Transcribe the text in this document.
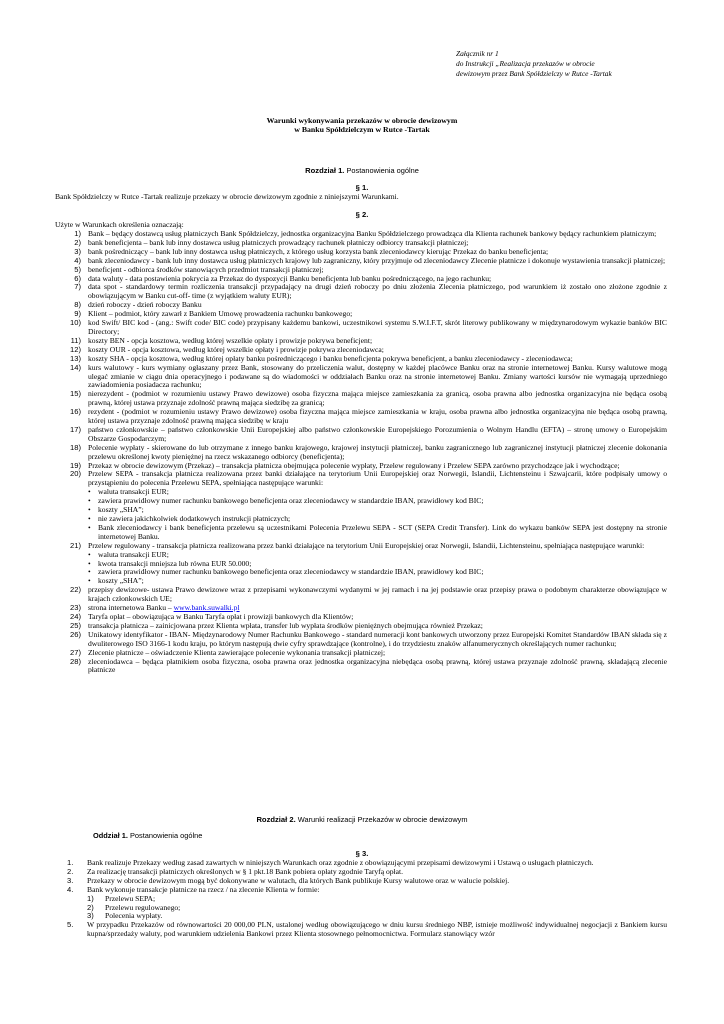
Załącznik nr 1
do Instrukcji „Realizacja przekazów w obrocie
dewizowym przez Bank Spółdzielczy w Rutce -Tartak
Warunki wykonywania przekazów w obrocie dewizowym
w Banku Spółdzielczym w Rutce -Tartak
Rozdział 1. Postanowienia ogólne
§ 1.
Bank Spółdzielczy w Rutce -Tartak realizuje przekazy w obrocie dewizowym zgodnie z niniejszymi Warunkami.
§ 2.
Użyte w Warunkach określenia oznaczają:
1) Bank – będący dostawcą usług płatniczych Bank Spółdzielczy, jednostka organizacyjna Banku Spółdzielczego prowadząca dla Klienta rachunek bankowy będący rachunkiem płatniczym;
2) bank beneficjenta – bank lub inny dostawca usług płatniczych prowadzący rachunek płatniczy odbiorcy transakcji płatniczej;
3) bank pośredniczący – bank lub inny dostawca usług płatniczych, z którego usług korzysta bank zleceniodawcy kierując Przekaz do banku beneficjenta;
4) bank zleceniodawcy - bank lub inny dostawca usług płatniczych krajowy lub zagraniczny, który przyjmuje od zleceniodawcy Zlecenie płatnicze i dokonuje wystawienia transakcji płatniczej;
5) beneficjent - odbiorca środków stanowiących przedmiot transakcji płatniczej;
6) data waluty - data postawienia pokrycia za Przekaz do dyspozycji Banku beneficjenta lub banku pośredniczącego, na jego rachunku;
7) data spot - standardowy termin rozliczenia transakcji przypadający na drugi dzień roboczy po dniu złożenia Zlecenia płatniczego, pod warunkiem iż zostało ono złożone zgodnie z obowiązującym w Banku cut-off- time (z wyjątkiem waluty EUR);
8) dzień roboczy - dzień roboczy Banku
9) Klient – podmiot, który zawarł z Bankiem Umowę prowadzenia rachunku bankowego;
10) kod Swift/ BIC kod - (ang.: Swift code/ BIC code) przypisany każdemu bankowi, uczestnikowi systemu S.W.I.F.T, skrót literowy publikowany w międzynarodowym wykazie banków BIC Directory;
11) koszty BEN - opcja kosztowa, według której wszelkie opłaty i prowizje pokrywa beneficjent;
12) koszty OUR - opcja kosztowa, według której wszelkie opłaty i prowizje pokrywa zleceniodawca;
13) koszty SHA - opcja kosztowa, według której opłaty banku pośredniczącego i banku beneficjenta pokrywa beneficjent, a banku zleceniodawcy - zleceniodawca;
14) kurs walutowy - kurs wymiany ogłaszany przez Bank, stosowany do przeliczenia walut, dostępny w każdej placówce Banku oraz na stronie internetowej Banku. Kursy walutowe mogą ulegać zmianie w ciągu dnia operacyjnego i podawane są do wiadomości w oddziałach Banku oraz na stronie internetowej Banku. Zmiany wartości kursów nie wymagają uprzedniego zawiadomienia posiadacza rachunku;
15) nierezydent - (podmiot w rozumieniu ustawy Prawo dewizowe) osoba fizyczna mająca miejsce zamieszkania za granicą, osoba prawna albo jednostka organizacyjna nie będąca osobą prawną, której ustawa przyznaje zdolność prawną mająca siedzibę za granicą;
16) rezydent - (podmiot w rozumieniu ustawy Prawo dewizowe) osoba fizyczna mająca miejsce zamieszkania w kraju, osoba prawna albo jednostka organizacyjna nie będąca osobą prawną, której ustawa przyznaje zdolność prawną mająca siedzibę w kraju
17) państwo członkowskie – państwo członkowskie Unii Europejskiej albo państwo członkowskie Europejskiego Porozumienia o Wolnym Handlu (EFTA) – stronę umowy o Europejskim Obszarze Gospodarczym;
18) Polecenie wypłaty - skierowane do lub otrzymane z innego banku krajowego, krajowej instytucji płatniczej, banku zagranicznego lub zagranicznej instytucji płatniczej zlecenie dokonania przelewu określonej kwoty pieniężnej na rzecz wskazanego odbiorcy (beneficjenta);
19) Przekaz w obrocie dewizowym (Przekaz) – transakcja płatnicza obejmująca polecenie wypłaty, Przelew regulowany i Przelew SEPA zarówno przychodzące jak i wychodzące;
20) Przelew SEPA - transakcja płatnicza realizowana przez banki działające na terytorium Unii Europejskiej oraz Norwegii, Islandii, Lichtensteinu i Szwajcarii, które podpisały umowy o przystąpieniu do polecenia Przelewu SEPA, spełniająca następujące warunki:
• waluta transakcji EUR;
• zawiera prawidłowy numer rachunku bankowego beneficjenta oraz zleceniodawcy w standardzie IBAN, prawidłowy kod BIC;
• koszty „SHA”;
• nie zawiera jakichkolwiek dodatkowych instrukcji płatniczych;
• Bank zleceniodawcy i bank beneficjenta przelewu są uczestnikami Polecenia Przelewu SEPA - SCT (SEPA Credit Transfer). Link do wykazu banków SEPA jest dostępny na stronie internetowej Banku.
21) Przelew regulowany - transakcja płatnicza realizowana przez banki działające na terytorium Unii Europejskiej oraz Norwegii, Islandii, Lichtensteinu, spełniająca następujące warunki:
• waluta transakcji EUR;
• kwota transakcji mniejsza lub równa EUR 50.000;
• zawiera prawidłowy numer rachunku bankowego beneficjenta oraz zleceniodawcy w standardzie IBAN, prawidłowy kod BIC;
• koszty „SHA”;
22) przepisy dewizowe- ustawa Prawo dewizowe wraz z przepisami wykonawczymi wydanymi w jej ramach i na jej podstawie oraz przepisy prawa o podobnym charakterze obowiązujące w krajach członkowskich UE;
23) strona internetowa Banku – www.bank.suwalki.pl
24) Taryfa opłat – obowiązująca w Banku Taryfa opłat i prowizji bankowych dla Klientów;
25) transakcja płatnicza – zainicjowana przez Klienta wpłata, transfer lub wypłata środków pieniężnych obejmująca również Przekaz;
26) Unikatowy identyfikator - IBAN- Międzynarodowy Numer Rachunku Bankowego - standard numeracji kont bankowych utworzony przez Europejski Komitet Standardów IBAN składa się z dwuliterowego ISO 3166-1 kodu kraju, po którym następują dwie cyfry sprawdzające (kontrolne), i do trzydziestu znaków alfanumerycznych określających numer rachunku;
27) Zlecenie płatnicze – oświadczenie Klienta zawierające polecenie wykonania transakcji płatniczej;
28) zleceniodawca – będąca płatnikiem osoba fizyczna, osoba prawna oraz jednostka organizacyjna niebędąca osobą prawną, której ustawa przyznaje zdolność prawną, składającą zlecenie płatnicze
Rozdział 2. Warunki realizacji Przekazów w obrocie dewizowym
Oddział 1. Postanowienia ogólne
§ 3.
1. Bank realizuje Przekazy według zasad zawartych w niniejszych Warunkach oraz zgodnie z obowiązującymi przepisami dewizowymi i Ustawą o usługach płatniczych.
2. Za realizację transakcji płatniczych określonych w § 1 pkt.18 Bank pobiera opłaty zgodnie Taryfą opłat.
3. Przekazy w obrocie dewizowym mogą być dokonywane w walutach, dla których Bank publikuje Kursy walutowe oraz w walucie polskiej.
4. Bank wykonuje transakcje płatnicze na rzecz / na zlecenie Klienta w formie:
1) Przelewu SEPA;
2) Przelewu regulowanego;
3) Polecenia wypłaty.
5. W przypadku Przekazów od równowartości 20 000,00 PLN, ustalonej według obowiązującego w dniu kursu średniego NBP, istnieje możliwość indywidualnej negocjacji z Bankiem kursu kupna/sprzedaży waluty, pod warunkiem udzielenia Bankowi przez Klienta stosownego pełnomocnictwa. Formularz stanowiący wzór
